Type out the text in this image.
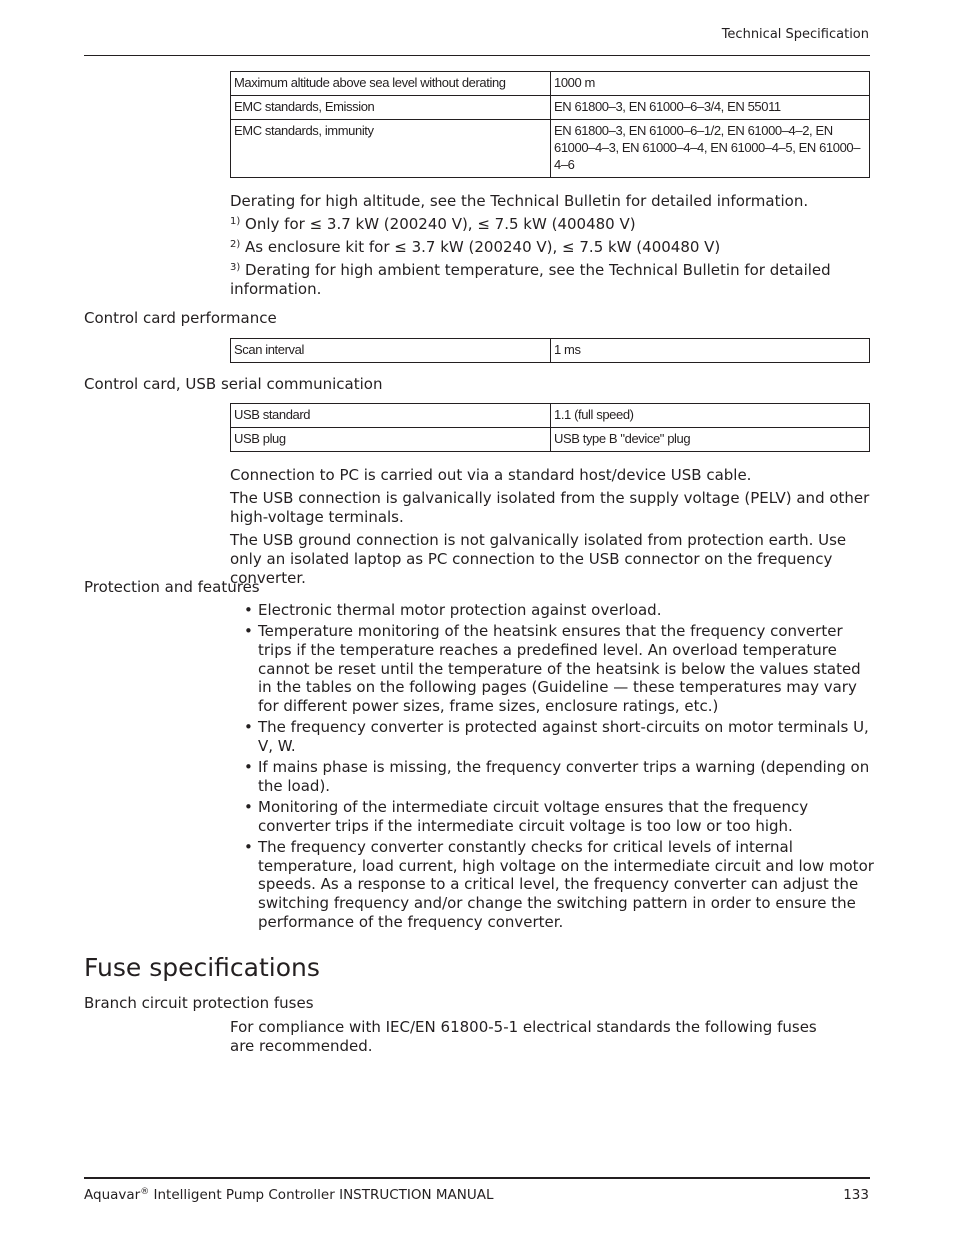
Technical Specification
Maximum altitude above sea level without derating	1000 m
EMC standards, Emission	EN 61800–3, EN 61000–6–3/4, EN 55011
EMC standards, immunity	EN 61800–3, EN 61000–6–1/2, EN 61000–4–2, EN 61000–4–3, EN 61000–4–4, EN 61000–4–5, EN 61000–4–6

Derating for high altitude, see the Technical Bulletin for detailed information.

$^{1)}$ Only for ≤ 3.7 kW (200240 V), ≤ 7.5 kW (400480 V)

$^{2)}$ As enclosure kit for ≤ 3.7 kW (200240 V), ≤ 7.5 kW (400480 V)

$^{3)}$ Derating for high ambient temperature, see the Technical Bulletin for detailed information.

Control card performance
Scan interval	1 ms
Control card, USB serial communication
USB standard	1.1 (full speed)
USB plug	USB type B "device" plug

Connection to PC is carried out via a standard host/device USB cable.

The USB connection is galvanically isolated from the supply voltage (PELV) and other high-voltage terminals.

The USB ground connection is not galvanically isolated from protection earth. Use only an isolated laptop as PC connection to the USB connector on the frequency converter.

Protection and features
• Electronic thermal motor protection against overload.
• Temperature monitoring of the heatsink ensures that the frequency converter trips if the temperature reaches a predefined level. An overload temperature cannot be reset until the temperature of the heatsink is below the values stated in the tables on the following pages (Guideline — these temperatures may vary for different power sizes, frame sizes, enclosure ratings, etc.)
• The frequency converter is protected against short-circuits on motor terminals U, V, W.
• If mains phase is missing, the frequency converter trips a warning (depending on the load).
• Monitoring of the intermediate circuit voltage ensures that the frequency converter trips if the intermediate circuit voltage is too low or too high.
• The frequency converter constantly checks for critical levels of internal temperature, load current, high voltage on the intermediate circuit and low motor speeds. As a response to a critical level, the frequency converter can adjust the switching frequency and/or change the switching pattern in order to ensure the performance of the frequency converter.
Fuse specifications
Branch circuit protection fuses

For compliance with IEC/EN 61800-5-1 electrical standards the following fuses are recommended.

Aquavar® Intelligent Pump Controller INSTRUCTION MANUAL	133
